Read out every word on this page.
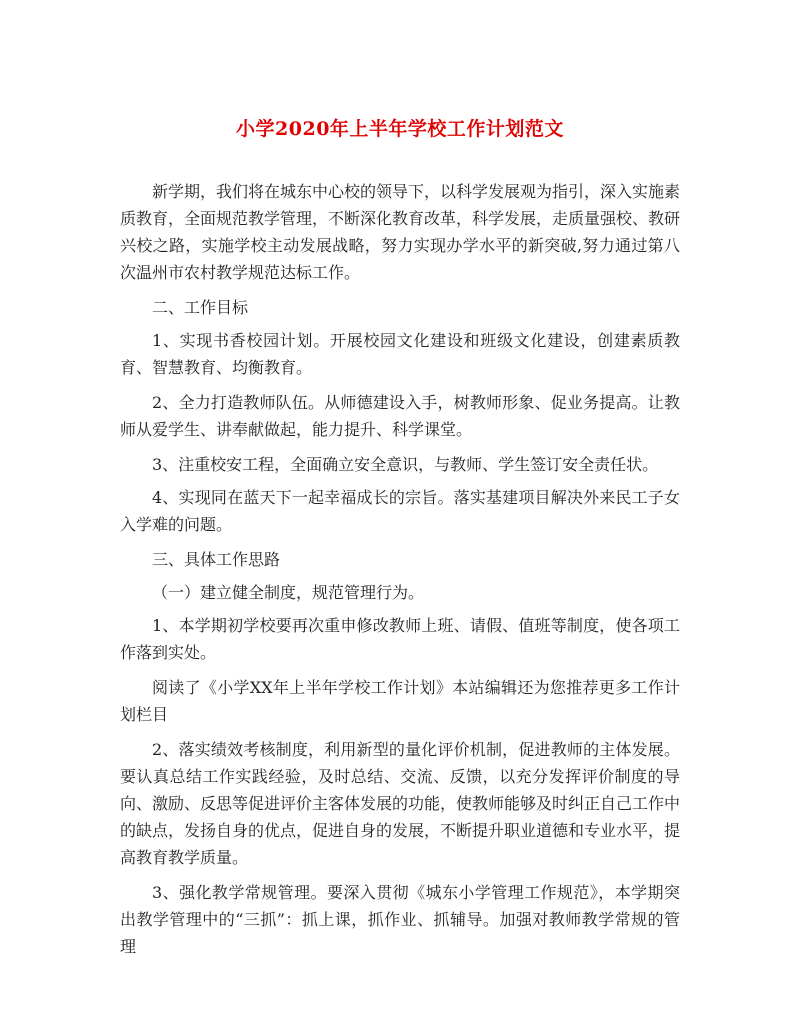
小学2020年上半年学校工作计划范文

新学期，我们将在城东中心校的领导下，以科学发展观为指引，深入实施素质教育，全面规范教学管理，不断深化教育改革，科学发展，走质量强校、教研兴校之路，实施学校主动发展战略，努力实现办学水平的新突破,努力通过第八次温州市农村教学规范达标工作。

二、工作目标

1、实现书香校园计划。开展校园文化建设和班级文化建设，创建素质教育、智慧教育、均衡教育。

2、全力打造教师队伍。从师德建设入手，树教师形象、促业务提高。让教师从爱学生、讲奉献做起，能力提升、科学课堂。

3、注重校安工程，全面确立安全意识，与教师、学生签订安全责任状。

4、实现同在蓝天下一起幸福成长的宗旨。落实基建项目解决外来民工子女入学难的问题。

三、具体工作思路

（一）建立健全制度，规范管理行为。

1、本学期初学校要再次重申修改教师上班、请假、值班等制度，使各项工作落到实处。

阅读了《小学XX年上半年学校工作计划》本站编辑还为您推荐更多工作计划栏目

2、落实绩效考核制度，利用新型的量化评价机制，促进教师的主体发展。要认真总结工作实践经验，及时总结、交流、反馈，以充分发挥评价制度的导向、激励、反思等促进评价主客体发展的功能，使教师能够及时纠正自己工作中的缺点，发扬自身的优点，促进自身的发展，不断提升职业道德和专业水平，提高教育教学质量。

3、强化教学常规管理。要深入贯彻《城东小学管理工作规范》，本学期突出教学管理中的“三抓”：抓上课，抓作业、抓辅导。加强对教师教学常规的管理
